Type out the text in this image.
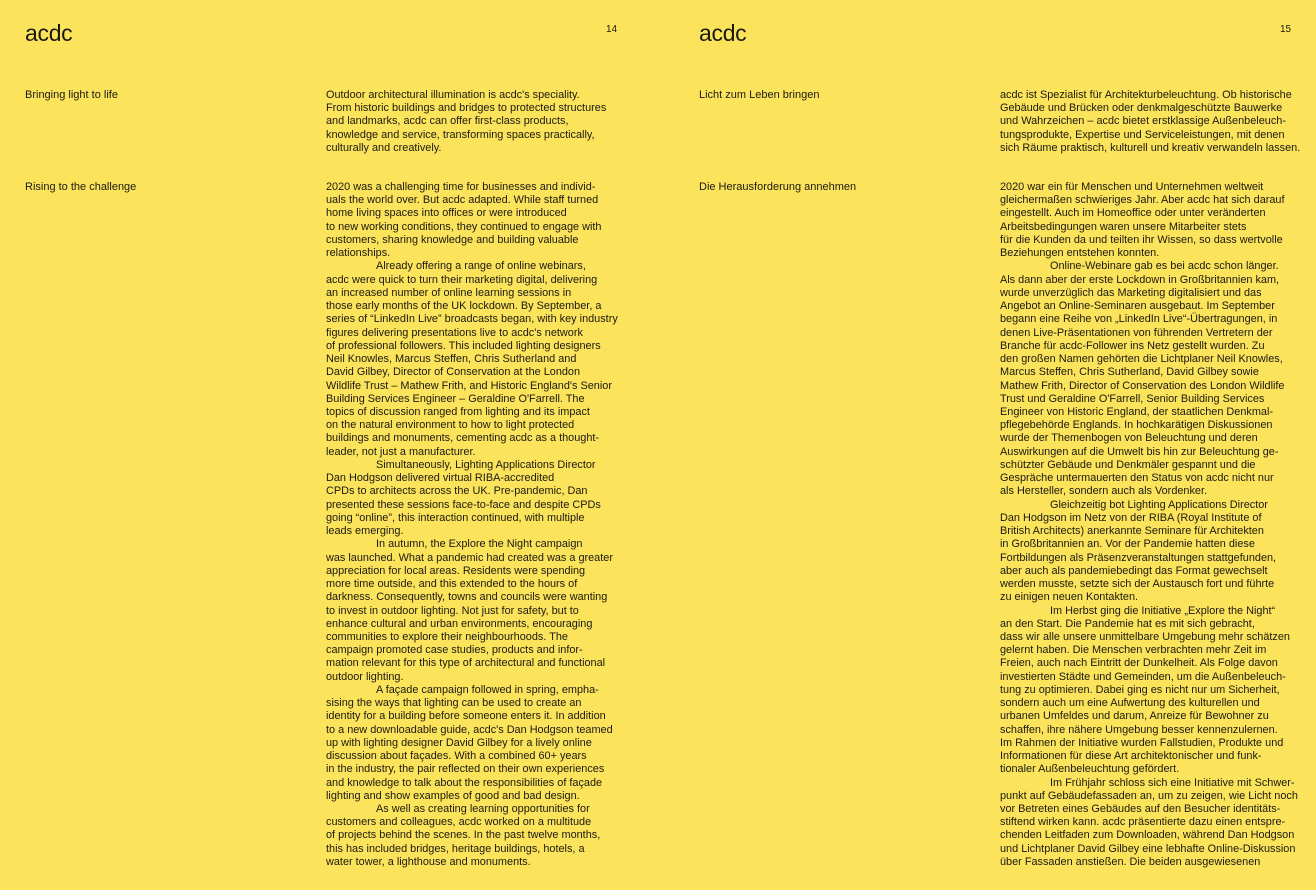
acdc	14
Bringing light to life	Outdoor architectural illumination is acdc's speciality.
From historic buildings and bridges to protected structures
and landmarks, acdc can offer first-class products,
knowledge and service, transforming spaces practically,
culturally and creatively.
Rising to the challenge	2020 was a challenging time for businesses and individ-
uals the world over. But acdc adapted. While staff turned
home living spaces into offices or were introduced
to new working conditions, they continued to engage with
customers, sharing knowledge and building valuable
relationships.
Already offering a range of online webinars,
acdc were quick to turn their marketing digital, delivering
an increased number of online learning sessions in
those early months of the UK lockdown. By September, a
series of “LinkedIn Live” broadcasts began, with key industry
figures delivering presentations live to acdc's network
of professional followers. This included lighting designers
Neil Knowles, Marcus Steffen, Chris Sutherland and
David Gilbey, Director of Conservation at the London
Wildlife Trust – Mathew Frith, and Historic England's Senior
Building Services Engineer – Geraldine O'Farrell. The
topics of discussion ranged from lighting and its impact
on the natural environment to how to light protected
buildings and monuments, cementing acdc as a thought-
leader, not just a manufacturer.
Simultaneously, Lighting Applications Director
Dan Hodgson delivered virtual RIBA-accredited
CPDs to architects across the UK. Pre-pandemic, Dan
presented these sessions face-to-face and despite CPDs
going “online”, this interaction continued, with multiple
leads emerging.
In autumn, the Explore the Night campaign
was launched. What a pandemic had created was a greater
appreciation for local areas. Residents were spending
more time outside, and this extended to the hours of
darkness. Consequently, towns and councils were wanting
to invest in outdoor lighting. Not just for safety, but to
enhance cultural and urban environments, encouraging
communities to explore their neighbourhoods. The
campaign promoted case studies, products and infor-
mation relevant for this type of architectural and functional
outdoor lighting.
A façade campaign followed in spring, empha-
sising the ways that lighting can be used to create an
identity for a building before someone enters it. In addition
to a new downloadable guide, acdc's Dan Hodgson teamed
up with lighting designer David Gilbey for a lively online
discussion about façades. With a combined 60+ years
in the industry, the pair reflected on their own experiences
and knowledge to talk about the responsibilities of façade
lighting and show examples of good and bad design.
As well as creating learning opportunities for
customers and colleagues, acdc worked on a multitude
of projects behind the scenes. In the past twelve months,
this has included bridges, heritage buildings, hotels, a
water tower, a lighthouse and monuments.
acdc	15
Licht zum Leben bringen	acdc ist Spezialist für Architekturbeleuchtung. Ob historische
Gebäude und Brücken oder denkmalgeschützte Bauwerke
und Wahrzeichen – acdc bietet erstklassige Außenbeleuch-
tungsprodukte, Expertise und Serviceleistungen, mit denen
sich Räume praktisch, kulturell und kreativ verwandeln lassen.
Die Herausforderung annehmen	2020 war ein für Menschen und Unternehmen weltweit
gleichermaßen schwieriges Jahr. Aber acdc hat sich darauf
eingestellt. Auch im Homeoffice oder unter veränderten
Arbeitsbedingungen waren unsere Mitarbeiter stets
für die Kunden da und teilten ihr Wissen, so dass wertvolle
Beziehungen entstehen konnten.
Online-Webinare gab es bei acdc schon länger.
Als dann aber der erste Lockdown in Großbritannien kam,
wurde unverzüglich das Marketing digitalisiert und das
Angebot an Online-Seminaren ausgebaut. Im September
begann eine Reihe von „LinkedIn Live“-Übertragungen, in
denen Live-Präsentationen von führenden Vertretern der
Branche für acdc-Follower ins Netz gestellt wurden. Zu
den großen Namen gehörten die Lichtplaner Neil Knowles,
Marcus Steffen, Chris Sutherland, David Gilbey sowie
Mathew Frith, Director of Conservation des London Wildlife
Trust und Geraldine O'Farrell, Senior Building Services
Engineer von Historic England, der staatlichen Denkmal-
pflegebehörde Englands. In hochkarätigen Diskussionen
wurde der Themenbogen von Beleuchtung und deren
Auswirkungen auf die Umwelt bis hin zur Beleuchtung ge-
schützter Gebäude und Denkmäler gespannt und die
Gespräche untermauerten den Status von acdc nicht nur
als Hersteller, sondern auch als Vordenker.
Gleichzeitig bot Lighting Applications Director
Dan Hodgson im Netz von der RIBA (Royal Institute of
British Architects) anerkannte Seminare für Architekten
in Großbritannien an. Vor der Pandemie hatten diese
Fortbildungen als Präsenzveranstaltungen stattgefunden,
aber auch als pandemiebedingt das Format gewechselt
werden musste, setzte sich der Austausch fort und führte
zu einigen neuen Kontakten.
Im Herbst ging die Initiative „Explore the Night“
an den Start. Die Pandemie hat es mit sich gebracht,
dass wir alle unsere unmittelbare Umgebung mehr schätzen
gelernt haben. Die Menschen verbrachten mehr Zeit im
Freien, auch nach Eintritt der Dunkelheit. Als Folge davon
investierten Städte und Gemeinden, um die Außenbeleuch-
tung zu optimieren. Dabei ging es nicht nur um Sicherheit,
sondern auch um eine Aufwertung des kulturellen und
urbanen Umfeldes und darum, Anreize für Bewohner zu
schaffen, ihre nähere Umgebung besser kennenzulernen.
Im Rahmen der Initiative wurden Fallstudien, Produkte und
Informationen für diese Art architektonischer und funk-
tionaler Außenbeleuchtung gefördert.
Im Frühjahr schloss sich eine Initiative mit Schwer-
punkt auf Gebäudefassaden an, um zu zeigen, wie Licht noch
vor Betreten eines Gebäudes auf den Besucher identitäts-
stiftend wirken kann. acdc präsentierte dazu einen entspre-
chenden Leitfaden zum Downloaden, während Dan Hodgson
und Lichtplaner David Gilbey eine lebhafte Online-Diskussion
über Fassaden anstießen. Die beiden ausgewiesenen
